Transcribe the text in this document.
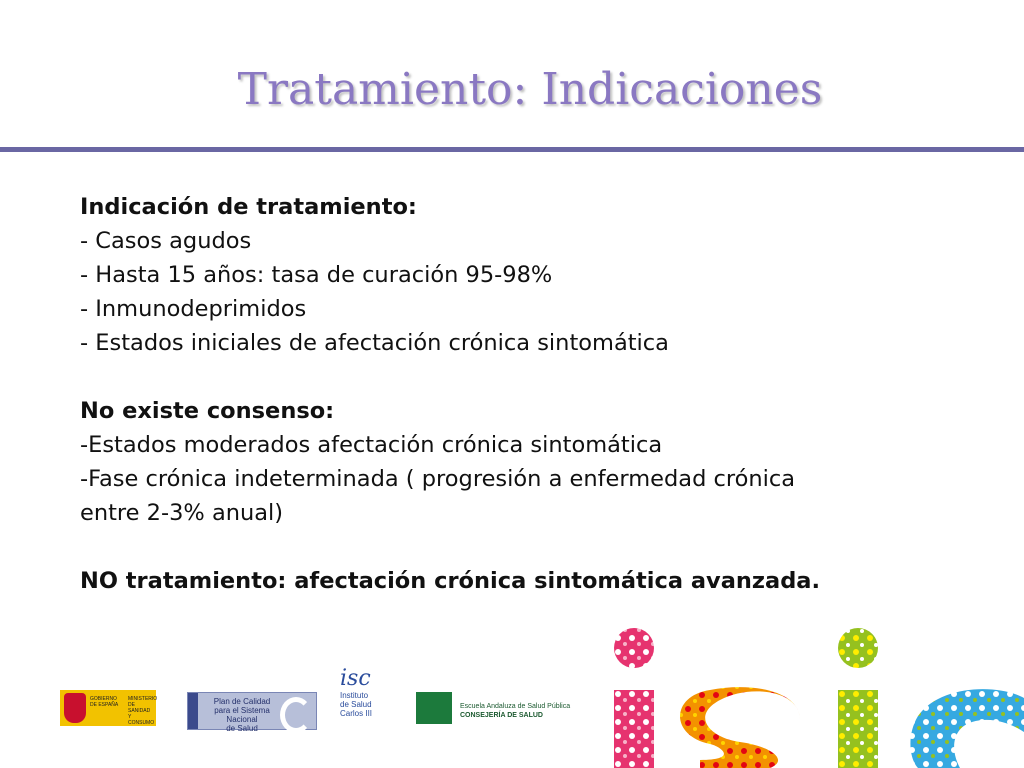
Tratamiento: Indicaciones

Indicación de tratamiento:

- Casos agudos

- Hasta 15 años: tasa de curación 95-98%

- Inmunodeprimidos

- Estados iniciales de afectación crónica sintomática

No existe consenso:

-Estados moderados afectación crónica sintomática

-Fase crónica indeterminada ( progresión a enfermedad crónica

entre 2-3% anual)

NO tratamiento: afectación crónica sintomática avanzada.

GOBIERNO
DE ESPAÑA
MINISTERIO
DE SANIDAD
Y CONSUMO
Plan de Calidad
para el Sistema Nacional
de Salud
isc
Instituto
de Salud
Carlos III
Escuela Andaluza de Salud Pública
CONSEJERÍA DE SALUD
